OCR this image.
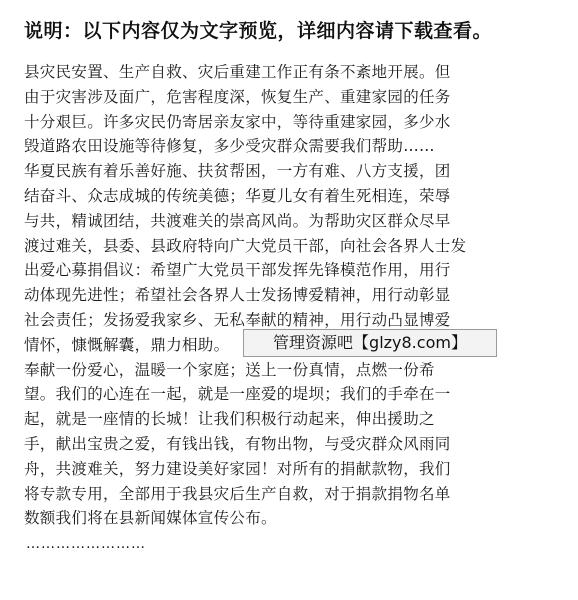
说明：以下内容仅为文字预览，详细内容请下载查看。
县灾民安置、生产自救、灾后重建工作正有条不紊地开展。但
由于灾害涉及面广，危害程度深，恢复生产、重建家园的任务
十分艰巨。许多灾民仍寄居亲友家中，等待重建家园，多少水
毁道路农田设施等待修复，多少受灾群众需要我们帮助……
华夏民族有着乐善好施、扶贫帮困，一方有难、八方支援，团
结奋斗、众志成城的传统美德；华夏儿女有着生死相连，荣辱
与共，精诚团结，共渡难关的崇高风尚。为帮助灾区群众尽早
渡过难关，县委、县政府特向广大党员干部，向社会各界人士发
出爱心募捐倡议：希望广大党员干部发挥先锋模范作用，用行
动体现先进性；希望社会各界人士发扬博爱精神，用行动彰显
社会责任；发扬爱我家乡、无私奉献的精神，用行动凸显博爱
情怀，慷慨解囊，鼎力相助。
奉献一份爱心，温暖一个家庭；送上一份真情，点燃一份希
望。我们的心连在一起，就是一座爱的堤坝；我们的手牵在一
起，就是一座情的长城！让我们积极行动起来，伸出援助之
手，献出宝贵之爱，有钱出钱，有物出物，与受灾群众风雨同
舟，共渡难关，努力建设美好家园！对所有的捐献款物，我们
将专款专用，全部用于我县灾后生产自救，对于捐款捐物名单
数额我们将在县新闻媒体宣传公布。
……………………
管理资源吧【glzy8.com】
